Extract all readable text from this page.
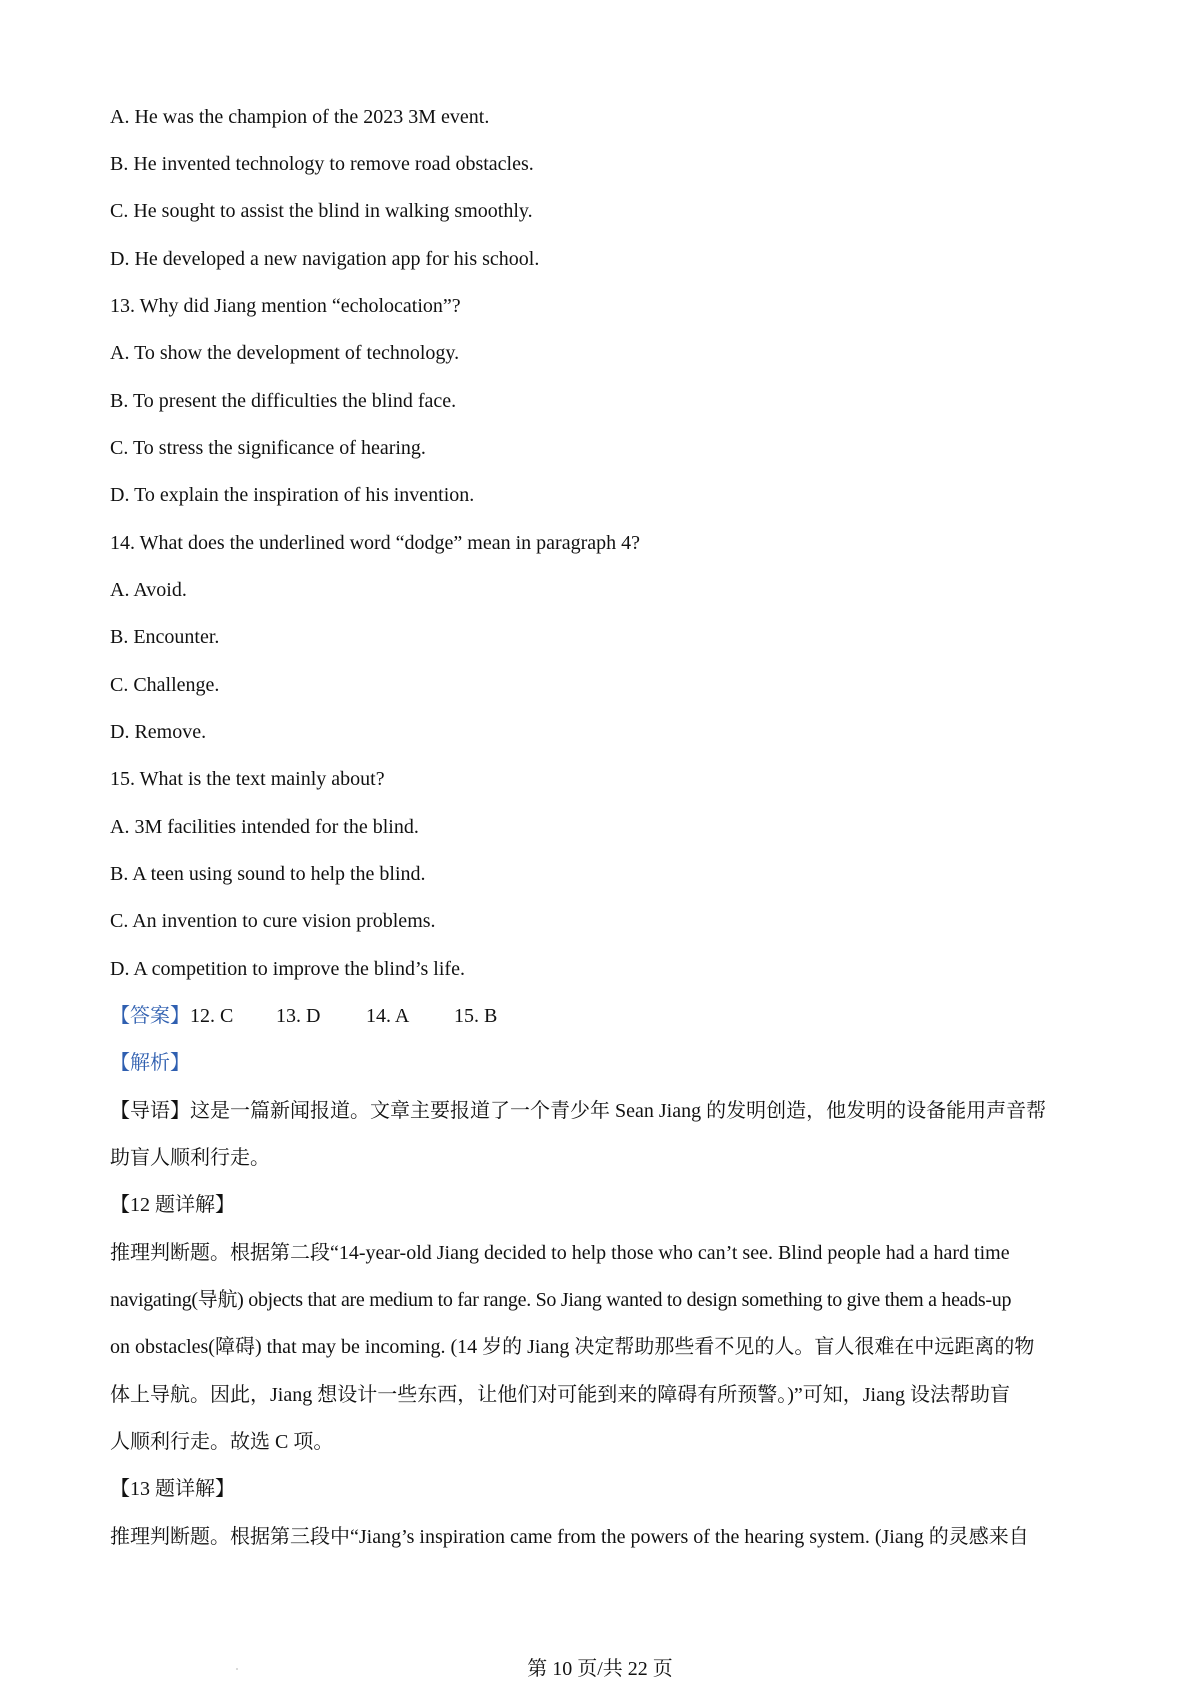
A. He was the champion of the 2023 3M event.
B. He invented technology to remove road obstacles.
C. He sought to assist the blind in walking smoothly.
D. He developed a new navigation app for his school.
13. Why did Jiang mention “echolocation”?
A. To show the development of technology.
B. To present the difficulties the blind face.
C. To stress the significance of hearing.
D. To explain the inspiration of his invention.
14. What does the underlined word “dodge” mean in paragraph 4?
A. Avoid.
B. Encounter.
C. Challenge.
D. Remove.
15. What is the text mainly about?
A. 3M facilities intended for the blind.
B. A teen using sound to help the blind.
C. An invention to cure vision problems.
D. A competition to improve the blind’s life.
【答案】12. C 13. D 14. A 15. B
【解析】
【导语】这是一篇新闻报道。文章主要报道了一个青少年 Sean Jiang 的发明创造，他发明的设备能用声音帮
助盲人顺利行走。
【12 题详解】
推理判断题。根据第二段“14-year-old Jiang decided to help those who can’t see. Blind people had a hard time
navigating(导航) objects that are medium to far range. So Jiang wanted to design something to give them a heads-up
on obstacles(障碍) that may be incoming. (14 岁的 Jiang 决定帮助那些看不见的人。盲人很难在中远距离的物
体上导航。因此，Jiang 想设计一些东西，让他们对可能到来的障碍有所预警。)”可知，Jiang 设法帮助盲
人顺利行走。故选 C 项。
【13 题详解】
推理判断题。根据第三段中“Jiang’s inspiration came from the powers of the hearing system. (Jiang 的灵感来自
第 10 页/共 22 页
